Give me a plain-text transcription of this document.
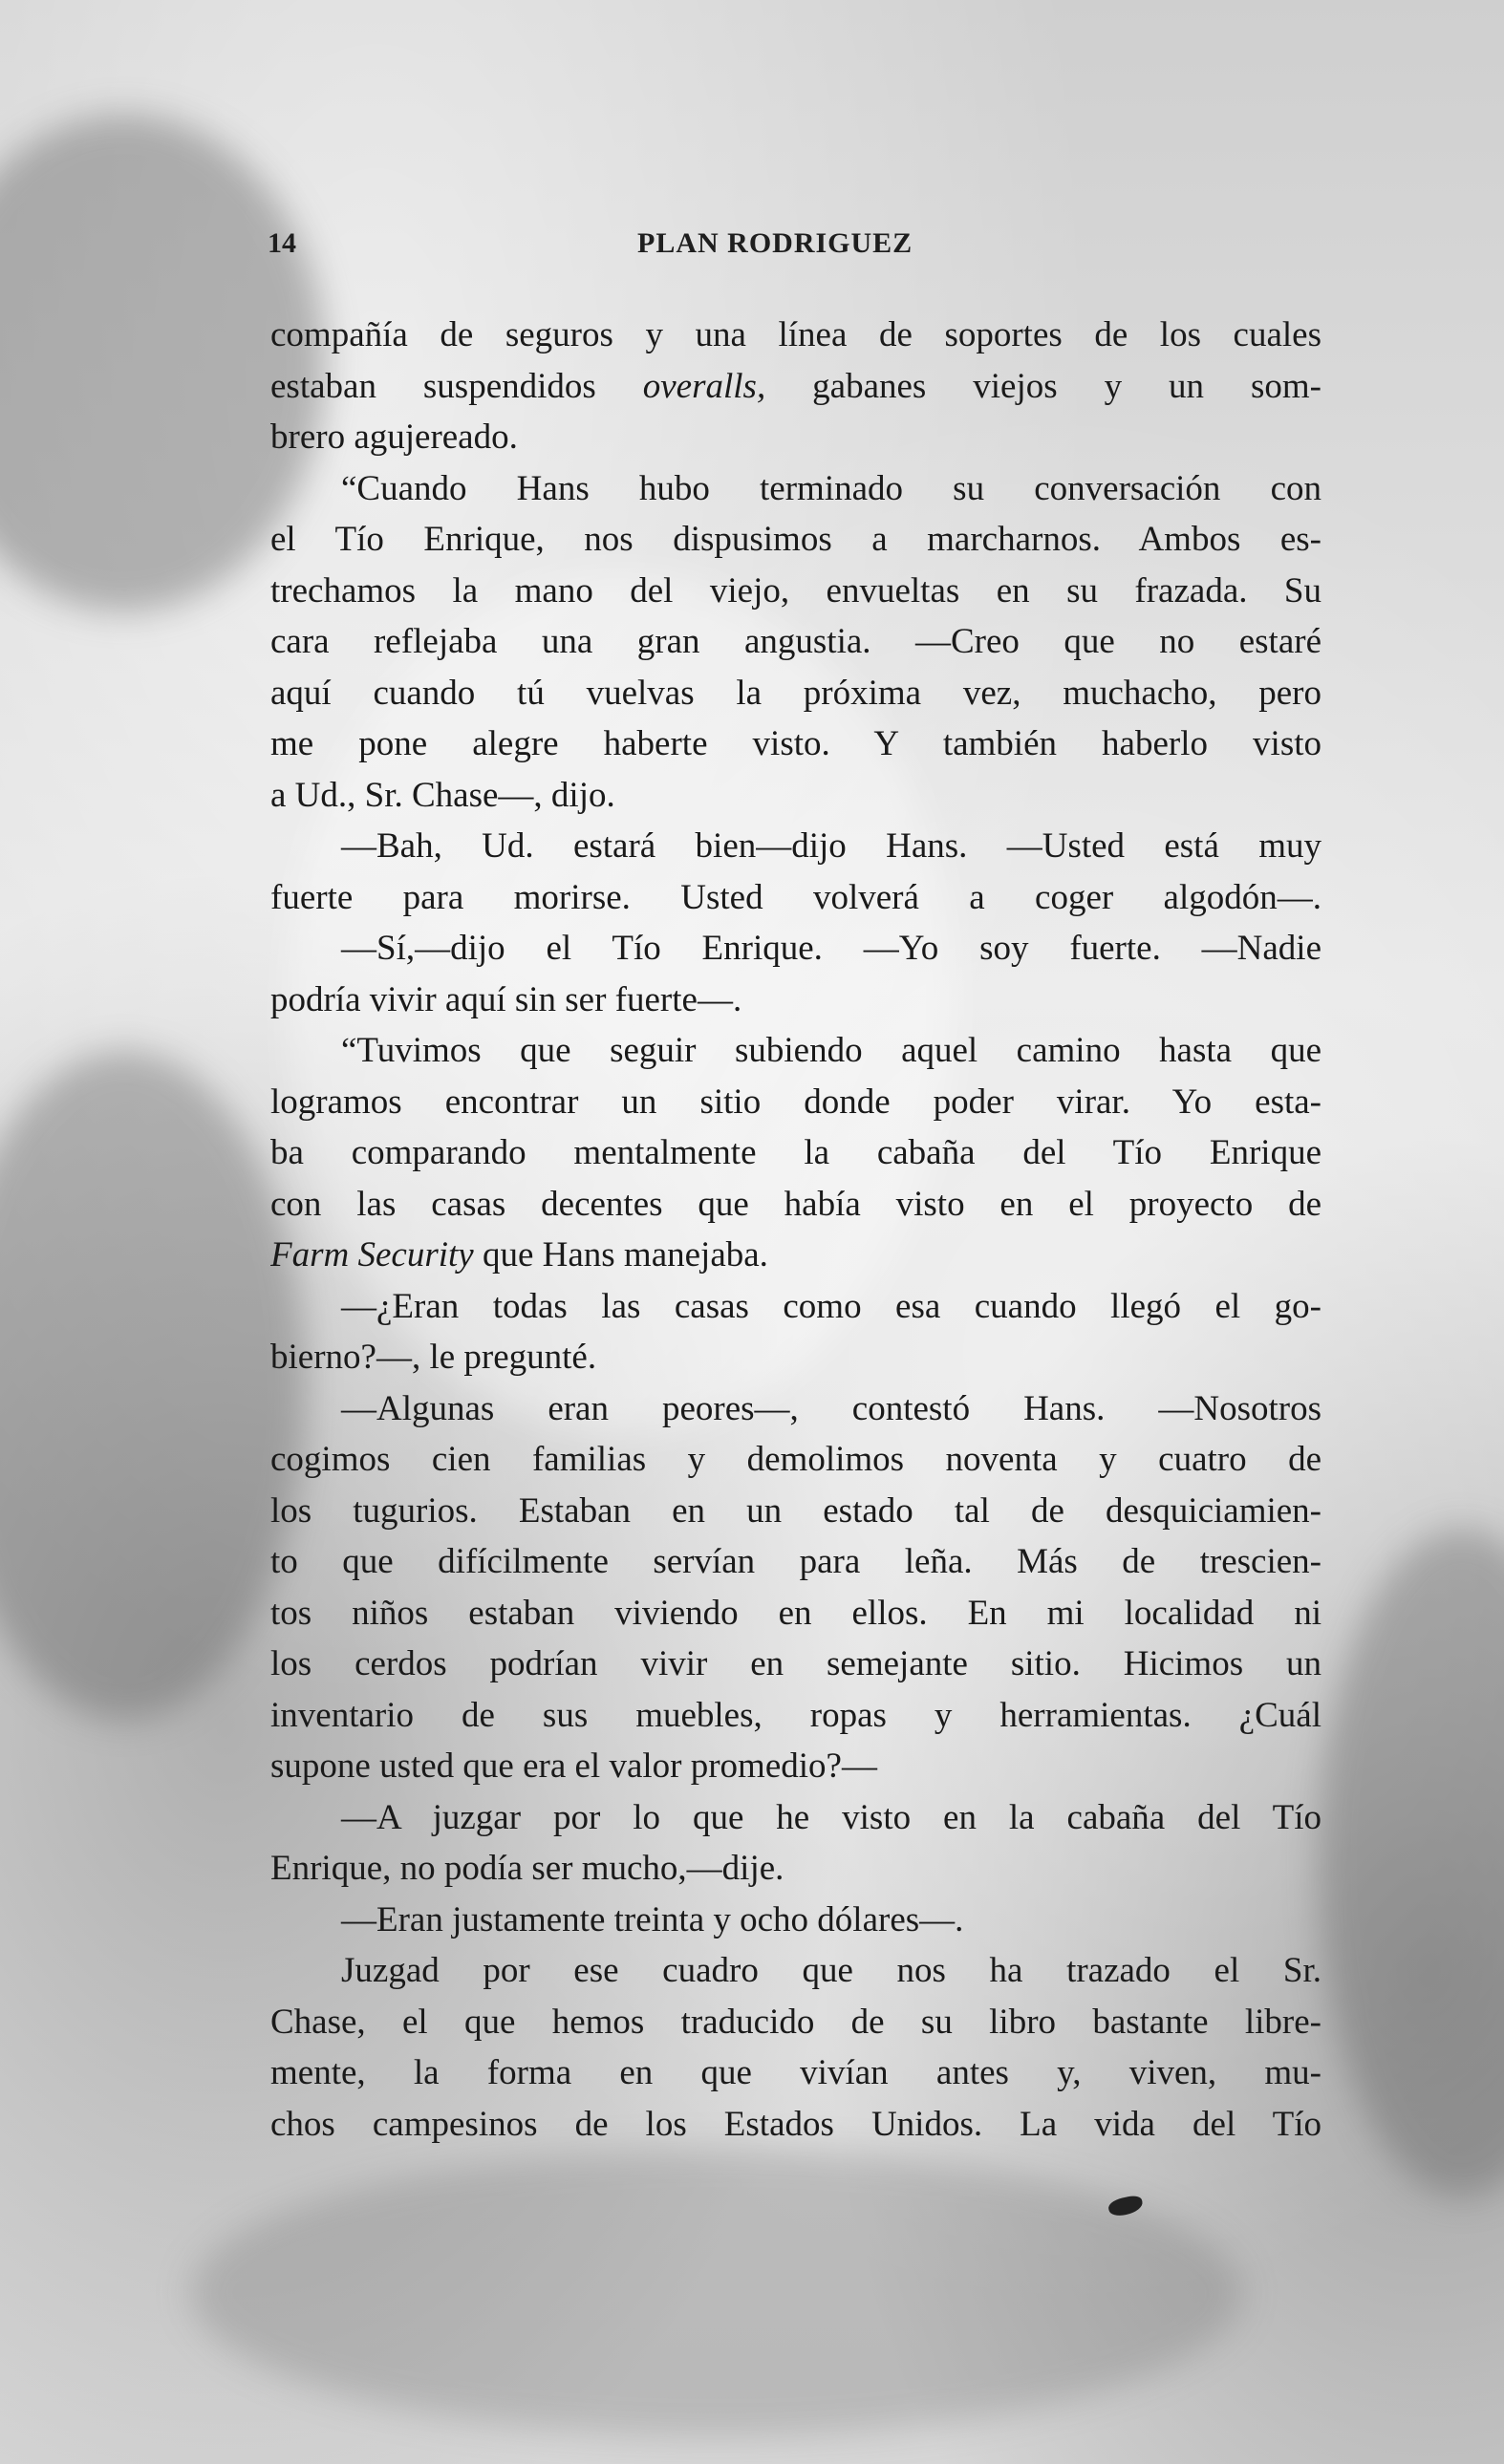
14	PLAN RODRIGUEZ
compañía de seguros y una línea de soportes de los cuales
estaban suspendidos overalls, gabanes viejos y un som-
brero agujereado.
“Cuando Hans hubo terminado su conversación con
el Tío Enrique, nos dispusimos a marcharnos. Ambos es-
trechamos la mano del viejo, envueltas en su frazada. Su
cara reflejaba una gran angustia. —Creo que no estaré
aquí cuando tú vuelvas la próxima vez, muchacho, pero
me pone alegre haberte visto. Y también haberlo visto
a Ud., Sr. Chase—, dijo.
—Bah, Ud. estará bien—dijo Hans. —Usted está muy
fuerte para morirse. Usted volverá a coger algodón—.
—Sí,—dijo el Tío Enrique. —Yo soy fuerte. —Nadie
podría vivir aquí sin ser fuerte—.
“Tuvimos que seguir subiendo aquel camino hasta que
logramos encontrar un sitio donde poder virar. Yo esta-
ba comparando mentalmente la cabaña del Tío Enrique
con las casas decentes que había visto en el proyecto de
Farm Security que Hans manejaba.
—¿Eran todas las casas como esa cuando llegó el go-
bierno?—, le pregunté.
—Algunas eran peores—, contestó Hans. —Nosotros
cogimos cien familias y demolimos noventa y cuatro de
los tugurios. Estaban en un estado tal de desquiciamien-
to que difícilmente servían para leña. Más de trescien-
tos niños estaban viviendo en ellos. En mi localidad ni
los cerdos podrían vivir en semejante sitio. Hicimos un
inventario de sus muebles, ropas y herramientas. ¿Cuál
supone usted que era el valor promedio?—
—A juzgar por lo que he visto en la cabaña del Tío
Enrique, no podía ser mucho,—dije.
—Eran justamente treinta y ocho dólares—.
Juzgad por ese cuadro que nos ha trazado el Sr.
Chase, el que hemos traducido de su libro bastante libre-
mente, la forma en que vivían antes y, viven, mu-
chos campesinos de los Estados Unidos. La vida del Tío
